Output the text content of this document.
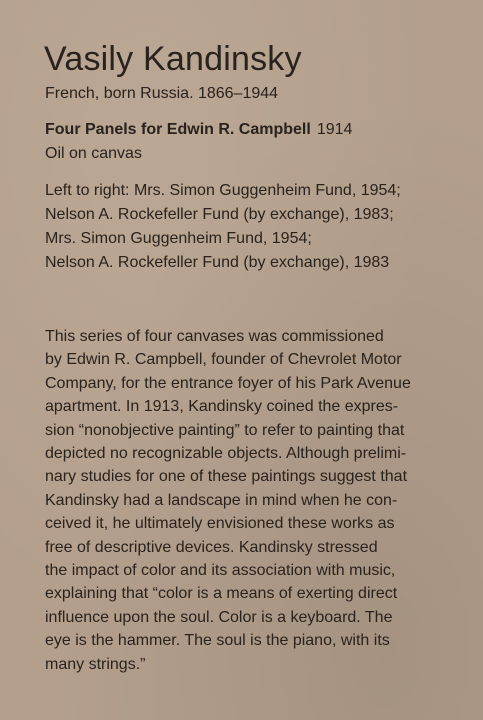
Vasily Kandinsky
French, born Russia. 1866–1944
Four Panels for Edwin R. Campbell 1914
Oil on canvas
Left to right: Mrs. Simon Guggenheim Fund, 1954;
Nelson A. Rockefeller Fund (by exchange), 1983;
Mrs. Simon Guggenheim Fund, 1954;
Nelson A. Rockefeller Fund (by exchange), 1983
This series of four canvases was commissioned
by Edwin R. Campbell, founder of Chevrolet Motor
Company, for the entrance foyer of his Park Avenue
apartment. In 1913, Kandinsky coined the expres-
sion “nonobjective painting” to refer to painting that
depicted no recognizable objects. Although prelimi-
nary studies for one of these paintings suggest that
Kandinsky had a landscape in mind when he con-
ceived it, he ultimately envisioned these works as
free of descriptive devices. Kandinsky stressed
the impact of color and its association with music,
explaining that “color is a means of exerting direct
influence upon the soul. Color is a keyboard. The
eye is the hammer. The soul is the piano, with its
many strings.”
